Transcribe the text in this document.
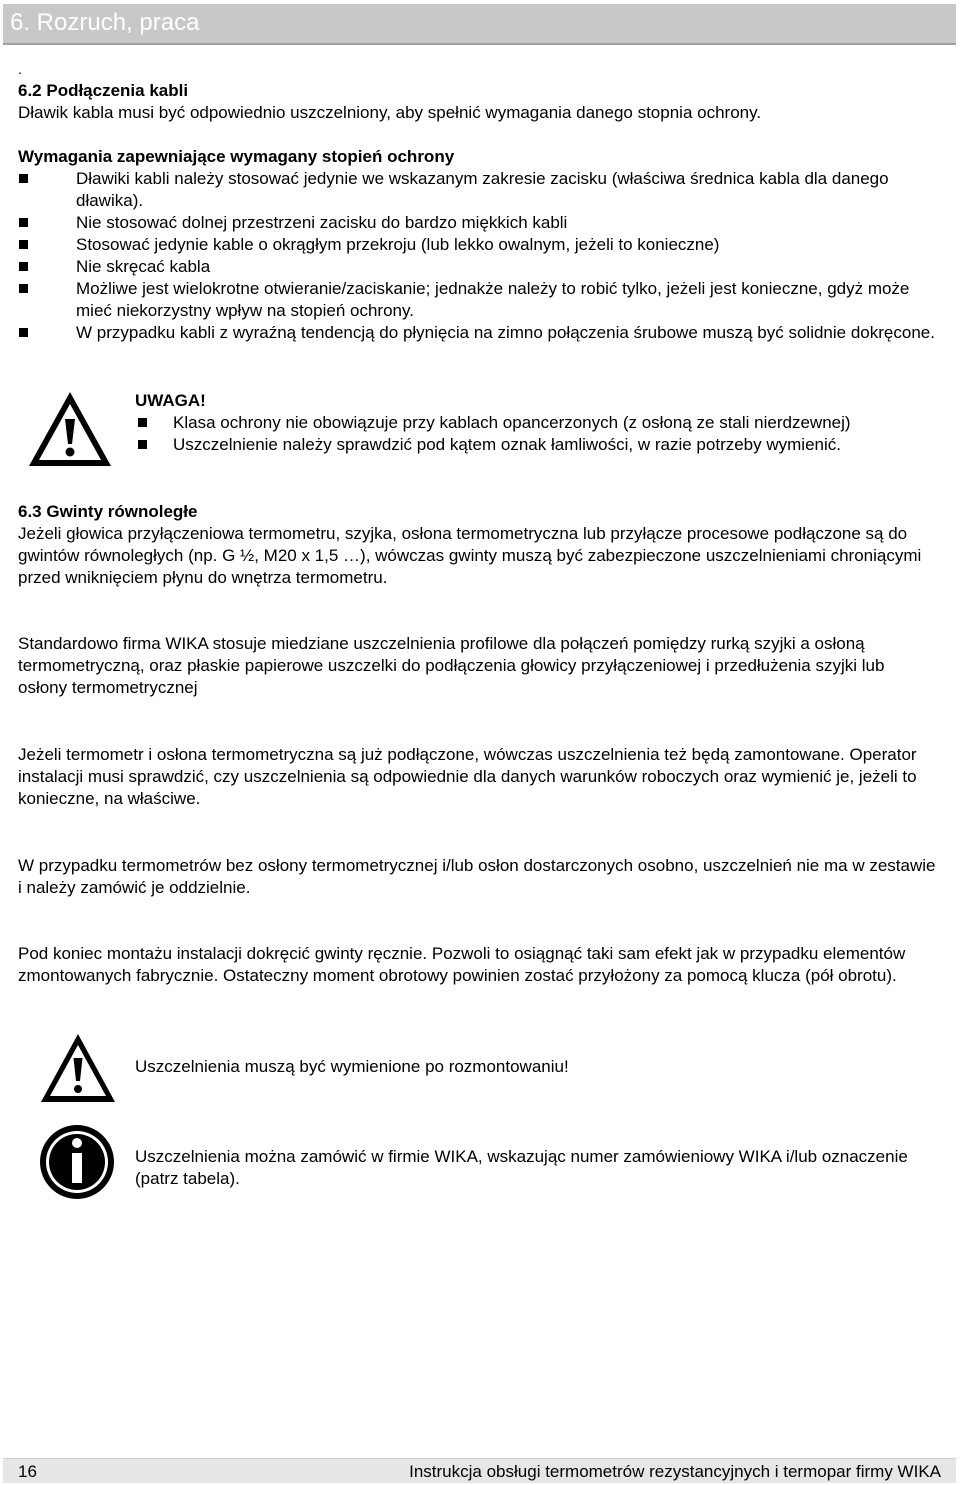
6. Rozruch, praca

.

6.2 Podłączenia kabli

Dławik kabla musi być odpowiednio uszczelniony, aby spełnić wymagania danego stopnia ochrony.

Wymagania zapewniające wymagany stopień ochrony

Dławiki kabli należy stosować jedynie we wskazanym zakresie zacisku (właściwa średnica kabla dla danego dławika).
Nie stosować dolnej przestrzeni zacisku do bardzo miękkich kabli
Stosować jedynie kable o okrągłym przekroju (lub lekko owalnym, jeżeli to konieczne)
Nie skręcać kabla
Możliwe jest wielokrotne otwieranie/zaciskanie; jednakże należy to robić tylko, jeżeli jest konieczne, gdyż może mieć niekorzystny wpływ na stopień ochrony.
W przypadku kabli z wyraźną tendencją do płynięcia na zimno połączenia śrubowe muszą być solidnie dokręcone.

UWAGA!

Klasa ochrony nie obowiązuje przy kablach opancerzonych (z osłoną ze stali nierdzewnej)
Uszczelnienie należy sprawdzić pod kątem oznak łamliwości, w razie potrzeby wymienić.

6.3 Gwinty równoległe

Jeżeli głowica przyłączeniowa termometru, szyjka, osłona termometryczna lub przyłącze procesowe podłączone są do gwintów równoległych (np. G ½, M20 x 1,5 …), wówczas gwinty muszą być zabezpieczone uszczelnieniami chroniącymi przed wniknięciem płynu do wnętrza termometru.

Standardowo firma WIKA stosuje miedziane uszczelnienia profilowe dla połączeń pomiędzy rurką szyjki a osłoną termometryczną, oraz płaskie papierowe uszczelki do podłączenia głowicy przyłączeniowej i przedłużenia szyjki lub osłony termometrycznej

Jeżeli termometr i osłona termometryczna są już podłączone, wówczas uszczelnienia też będą zamontowane. Operator instalacji musi sprawdzić, czy uszczelnienia są odpowiednie dla danych warunków roboczych oraz wymienić je, jeżeli to konieczne, na właściwe.

W przypadku termometrów bez osłony termometrycznej i/lub osłon dostarczonych osobno, uszczelnień nie ma w zestawie i należy zamówić je oddzielnie.

Pod koniec montażu instalacji dokręcić gwinty ręcznie. Pozwoli to osiągnąć taki sam efekt jak w przypadku elementów zmontowanych fabrycznie. Ostateczny moment obrotowy powinien zostać przyłożony za pomocą klucza (pół obrotu).

Uszczelnienia muszą być wymienione po rozmontowaniu!

Uszczelnienia można zamówić w firmie WIKA, wskazując numer zamówieniowy WIKA i/lub oznaczenie (patrz tabela).

16	Instrukcja obsługi termometrów rezystancyjnych i termopar firmy WIKA
